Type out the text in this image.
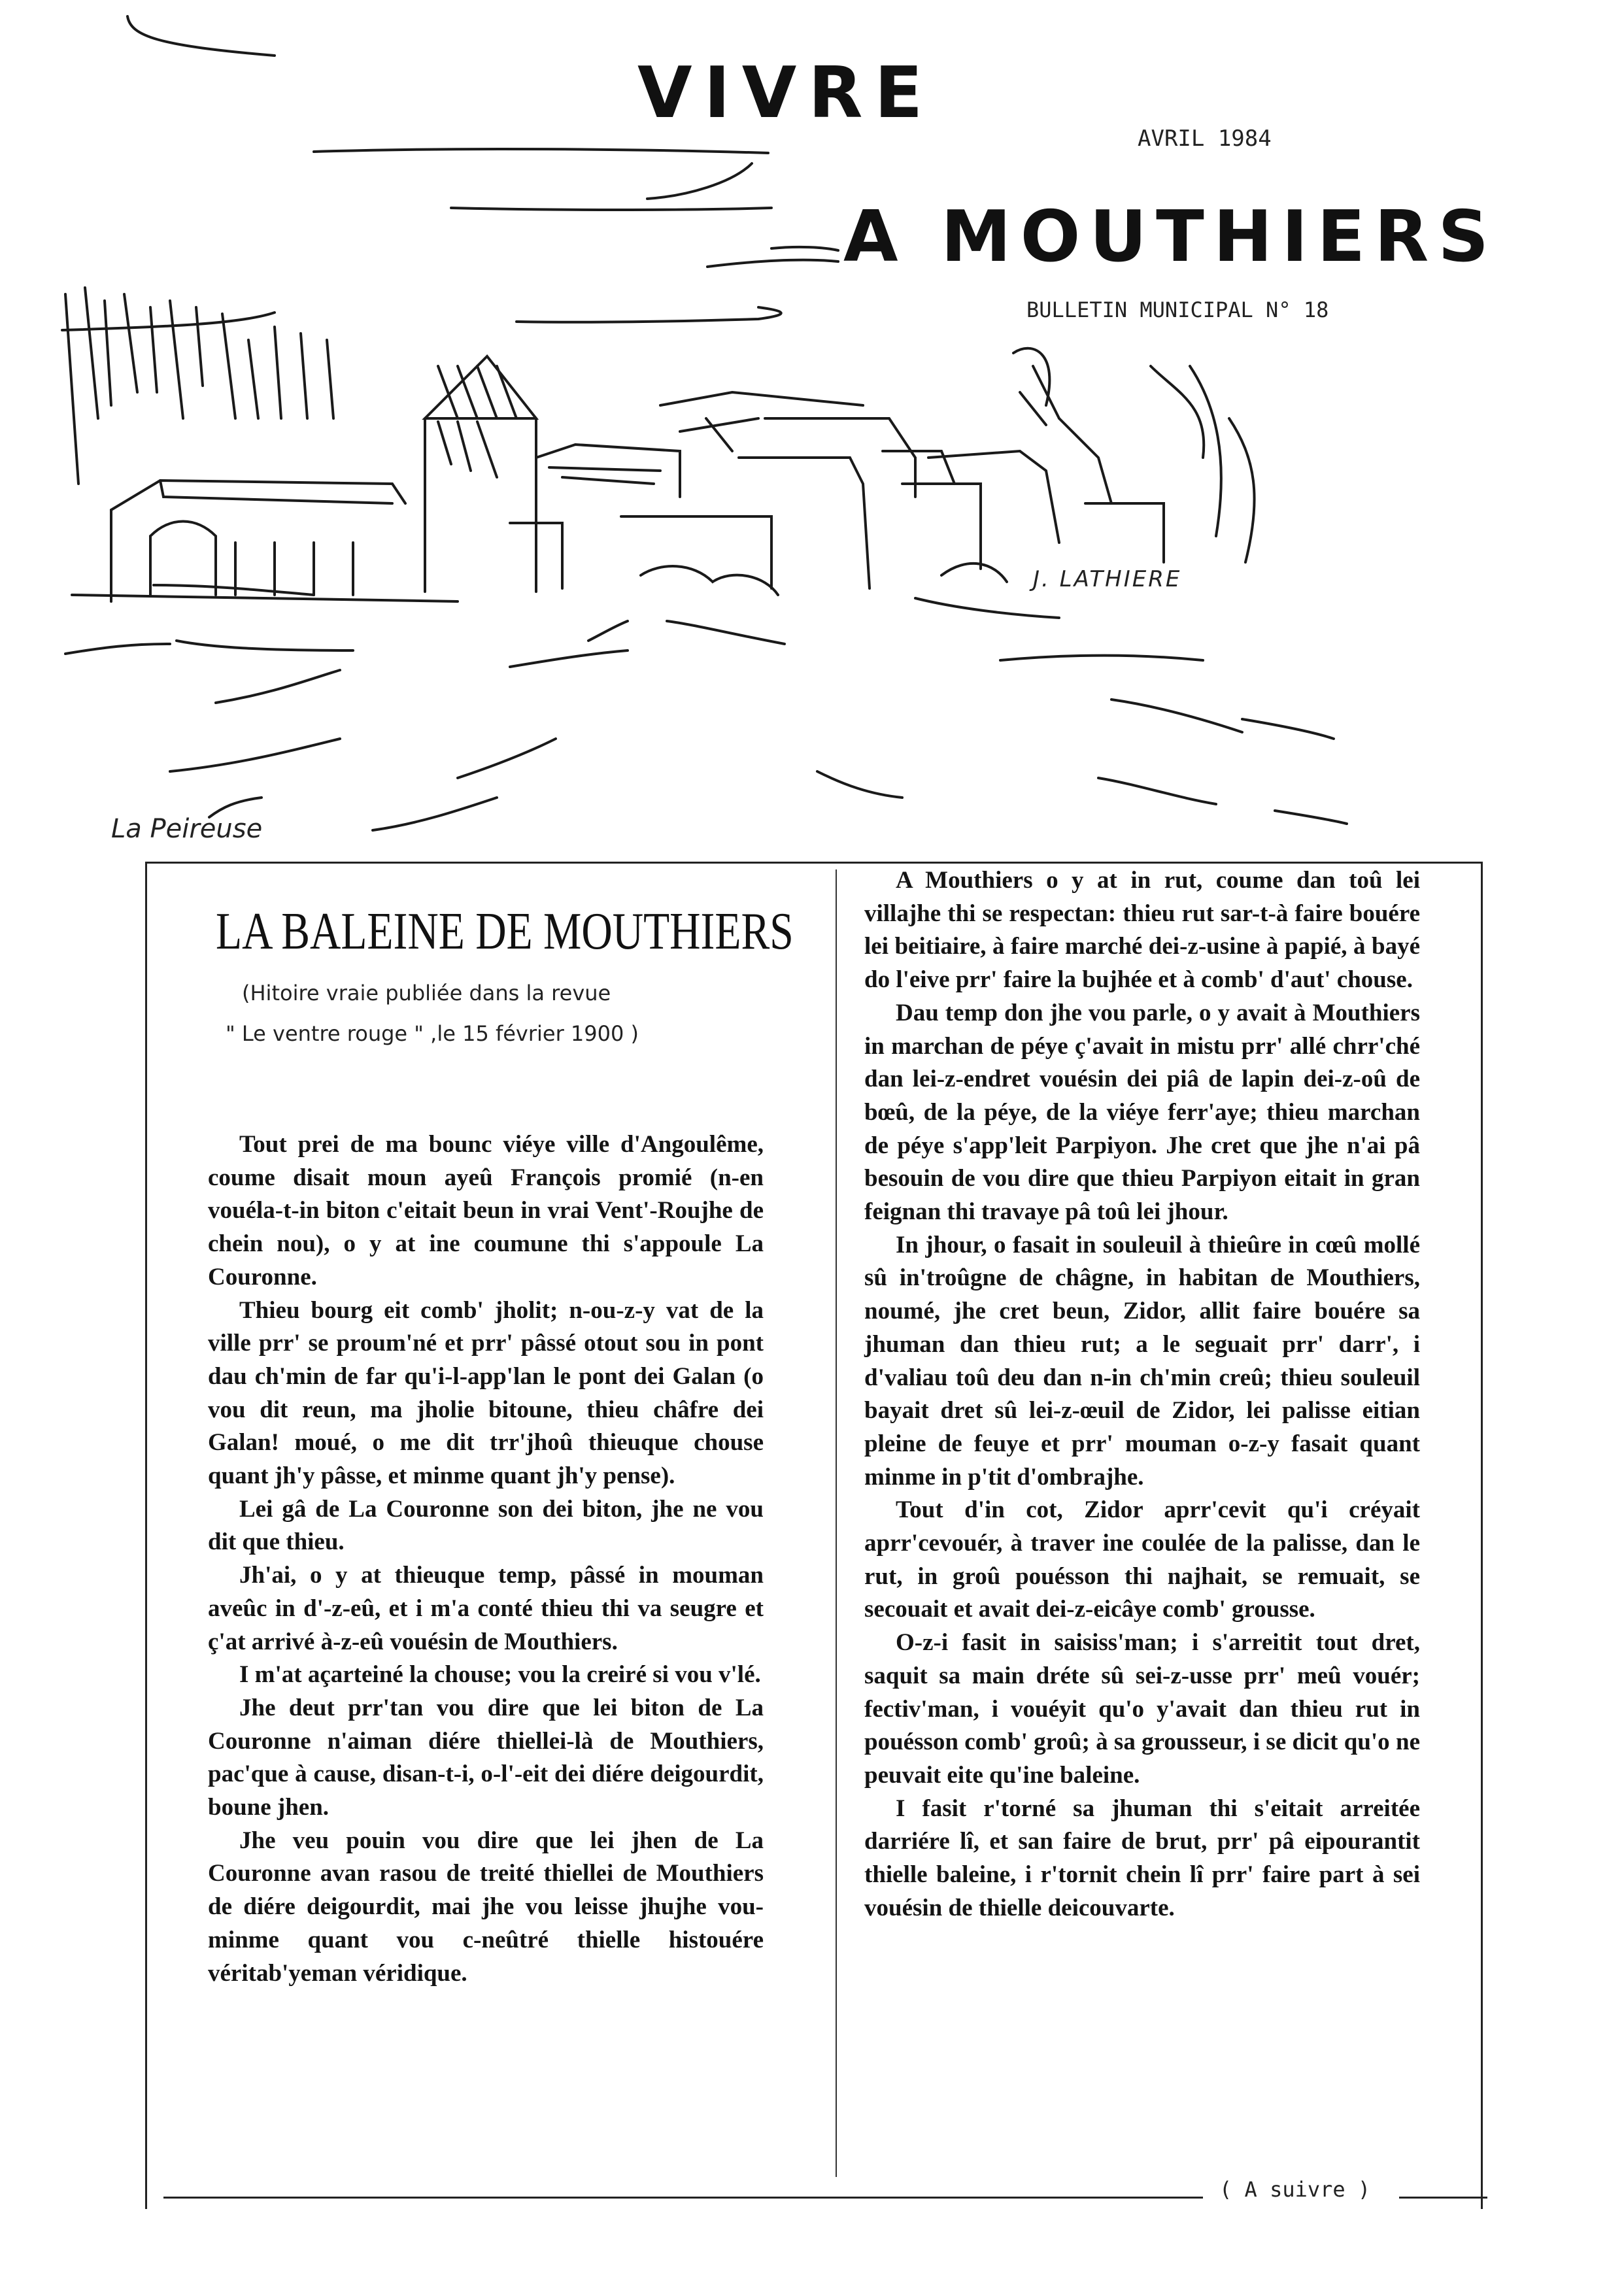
VIVRE
A MOUTHIERS
AVRIL 1984
BULLETIN MUNICIPAL N° 18
J. LATHIERE
La Peireuse
( A suivre )
LA BALEINE DE MOUTHIERS
(Hitoire vraie publiée dans la revue
" Le ventre rouge " ,le 15 février 1900 )

Tout prei de ma bounc viéye ville d'Angoulême, coume disait moun ayeû François promié (n-en vouéla-t-in biton c'eitait beun in vrai Vent'-Roujhe de chein nou), o y at ine coumune thi s'appoule La Couronne.

Thieu bourg eit comb' jholit; n-ou-z-y vat de la ville prr' se proum'né et prr' pâssé otout sou in pont dau ch'min de far qu'i-l-app'lan le pont dei Galan (o vou dit reun, ma jholie bitoune, thieu châfre dei Galan! moué, o me dit trr'jhoû thieuque chouse quant jh'y pâsse, et minme quant jh'y pense).

Lei gâ de La Couronne son dei biton, jhe ne vou dit que thieu.

Jh'ai, o y at thieuque temp, pâssé in mouman aveûc in d'-z-eû, et i m'a conté thieu thi va seugre et ç'at arrivé à-z-eû vouésin de Mouthiers.

I m'at açarteiné la chouse; vou la creiré si vou v'lé.

Jhe deut prr'tan vou dire que lei biton de La Couronne n'aiman diére thiellei-là de Mouthiers, pac'que à cause, disan-t-i, o-l'-eit dei diére deigourdit, boune jhen.

Jhe veu pouin vou dire que lei jhen de La Couronne avan rasou de treité thiellei de Mouthiers de diére deigourdit, mai jhe vou leisse jhujhe vou-minme quant vou c-neûtré thielle histouére véritab'yeman véridique.

A Mouthiers o y at in rut, coume dan toû lei villajhe thi se respectan: thieu rut sar-t-à faire bouére lei beitiaire, à faire marché dei-z-usine à papié, à bayé do l'eive prr' faire la bujhée et à comb' d'aut' chouse.

Dau temp don jhe vou parle, o y avait à Mouthiers in marchan de péye ç'avait in mistu prr' allé chrr'ché dan lei-z-endret vouésin dei piâ de lapin dei-z-oû de bœû, de la péye, de la viéye ferr'aye; thieu marchan de péye s'app'leit Parpiyon. Jhe cret que jhe n'ai pâ besouin de vou dire que thieu Parpiyon eitait in gran feignan thi travaye pâ toû lei jhour.

In jhour, o fasait in souleuil à thieûre in cœû mollé sû in'troûgne de châgne, in habitan de Mouthiers, noumé, jhe cret beun, Zidor, allit faire bouére sa jhuman dan thieu rut; a le seguait prr' darr', i d'valiau toû deu dan n-in ch'min creû; thieu souleuil bayait dret sû lei-z-œuil de Zidor, lei palisse eitian pleine de feuye et prr' mouman o-z-y fasait quant minme in p'tit d'ombrajhe.

Tout d'in cot, Zidor aprr'cevit qu'i créyait aprr'cevouér, à traver ine coulée de la palisse, dan le rut, in groû pouésson thi najhait, se remuait, se secouait et avait dei-z-eicâye comb' grousse.

O-z-i fasit in saisiss'man; i s'arreitit tout dret, saquit sa main dréte sû sei-z-usse prr' meû vouér; fectiv'man, i vouéyit qu'o y'avait dan thieu rut in pouésson comb' groû; à sa grousseur, i se dicit qu'o ne peuvait eite qu'ine baleine.

I fasit r'torné sa jhuman thi s'eitait arreitée darriére lî, et san faire de brut, prr' pâ eipourantit thielle baleine, i r'tornit chein lî prr' faire part à sei vouésin de thielle deicouvarte.
